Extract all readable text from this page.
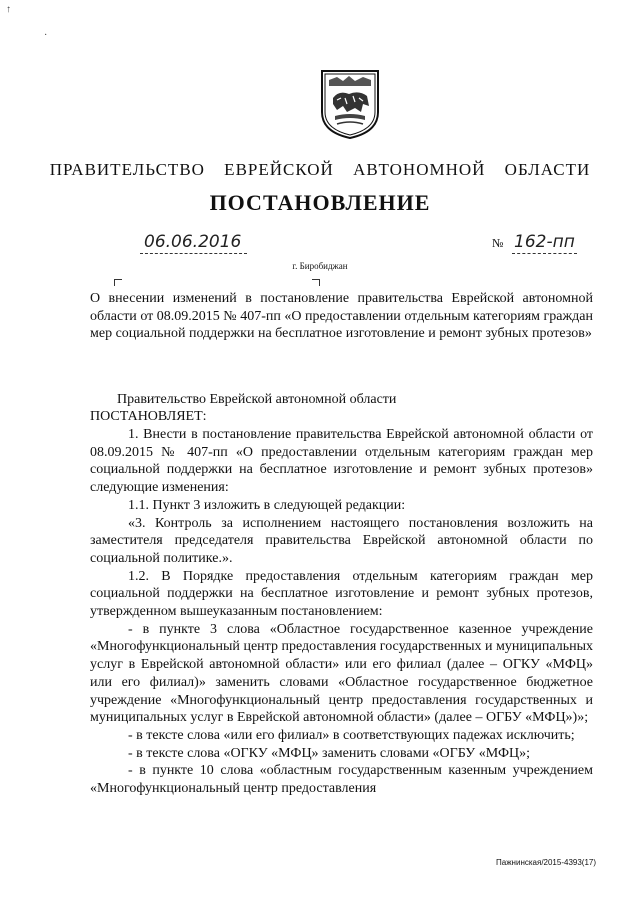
↑
·
ПРАВИТЕЛЬСТВО ЕВРЕЙСКОЙ АВТОНОМНОЙ ОБЛАСТИ
ПОСТАНОВЛЕНИЕ
06.06.2016	№ 162-пп
г. Биробиджан
О внесении изменений в постановление правительства Еврейской автономной области от 08.09.2015 № 407-пп «О предоставлении отдельным категориям граждан мер социальной поддержки на бесплатное изготовление и ремонт зубных протезов»
Правительство Еврейской автономной области
ПОСТАНОВЛЯЕТ:

1. Внести в постановление правительства Еврейской автономной области от 08.09.2015 № 407-пп «О предоставлении отдельным категориям граждан мер социальной поддержки на бесплатное изготовление и ремонт зубных протезов» следующие изменения:

1.1. Пункт 3 изложить в следующей редакции:

«3. Контроль за исполнением настоящего постановления возложить на заместителя председателя правительства Еврейской автономной области по социальной политике.».

1.2. В Порядке предоставления отдельным категориям граждан мер социальной поддержки на бесплатное изготовление и ремонт зубных протезов, утвержденном вышеуказанным постановлением:

- в пункте 3 слова «Областное государственное казенное учреждение «Многофункциональный центр предоставления государственных и муниципальных услуг в Еврейской автономной области» или его филиал (далее – ОГКУ «МФЦ» или его филиал)» заменить словами «Областное государственное бюджетное учреждение «Многофункциональный центр предоставления государственных и муниципальных услуг в Еврейской автономной области» (далее – ОГБУ «МФЦ»)»;

- в тексте слова «или его филиал» в соответствующих падежах исключить;

- в тексте слова «ОГКУ «МФЦ» заменить словами «ОГБУ «МФЦ»;

- в пункте 10 слова «областным государственным казенным учреждением «Многофункциональный центр предоставления

Пажнинская/2015-4393(17)
